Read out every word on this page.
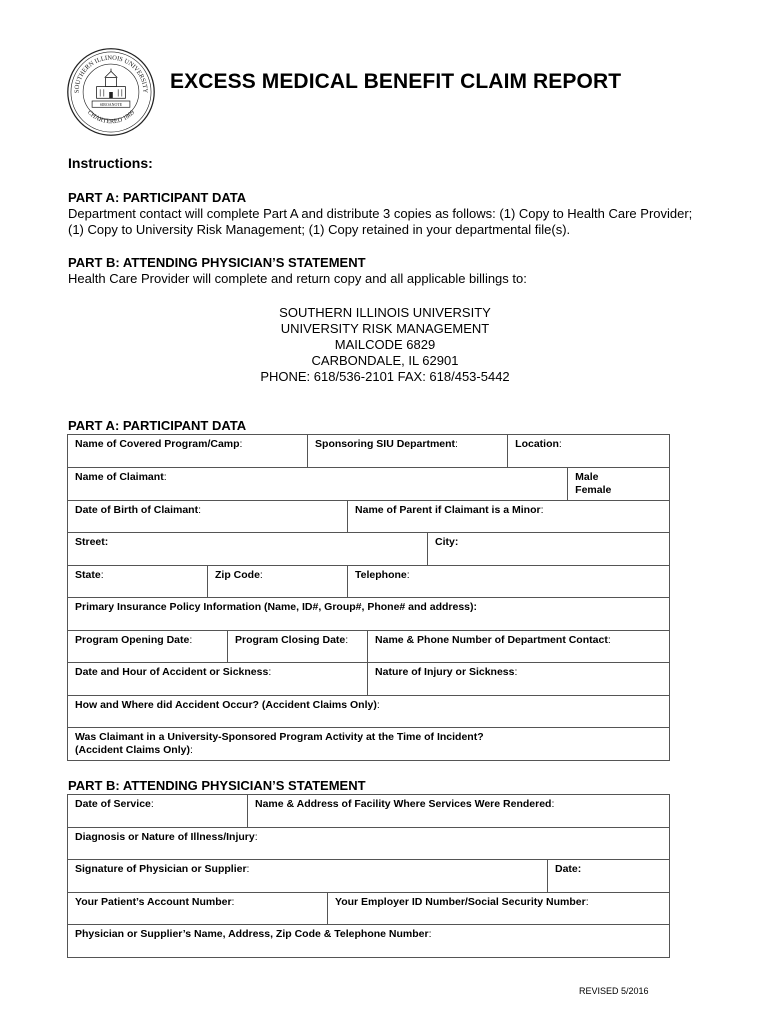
SOUTHERN ILLINOIS UNIVERSITY
CHARTERED 1869
SIROANOTE
EXCESS MEDICAL BENEFIT CLAIM REPORT
Instructions:
PART A: PARTICIPANT DATA
Department contact will complete Part A and distribute 3 copies as follows: (1) Copy to Health Care Provider; (1) Copy to University Risk Management; (1) Copy retained in your departmental file(s).
PART B: ATTENDING PHYSICIAN’S STATEMENT
Health Care Provider will complete and return copy and all applicable billings to:
SOUTHERN ILLINOIS UNIVERSITY
UNIVERSITY RISK MANAGEMENT
MAILCODE 6829
CARBONDALE, IL 62901
PHONE: 618/536-2101 FAX: 618/453-5442
PART A: PARTICIPANT DATA
Name of Covered Program/Camp:			Sponsoring SIU Department:				Location:	
Name of Claimant:								Male
Female

Date of Birth of Claimant:				Name of Parent if Claimant is a Minor:				
Street:						City:		
State:	Zip Code:			Telephone:				
Primary Insurance Policy Information (Name, ID#, Group#, Phone# and address):								
Program Opening Date:		Program Closing Date:			Name & Phone Number of Department Contact:			
Date and Hour of Accident or Sickness:					Nature of Injury or Sickness:			
How and Where did Accident Occur? (Accident Claims Only):								

Was Claimant in a University-Sponsored Program Activity at the Time of Incident?
(Accident Claims Only):								
PART B: ATTENDING PHYSICIAN’S STATEMENT
Date of Service:	Name & Address of Facility Where Services Were Rendered:		
Diagnosis or Nature of Illness/Injury:			
Signature of Physician or Supplier:			Date:
Your Patient’s Account Number:		Your Employer ID Number/Social Security Number:	
Physician or Supplier’s Name, Address, Zip Code & Telephone Number:			
REVISED 5/2016
